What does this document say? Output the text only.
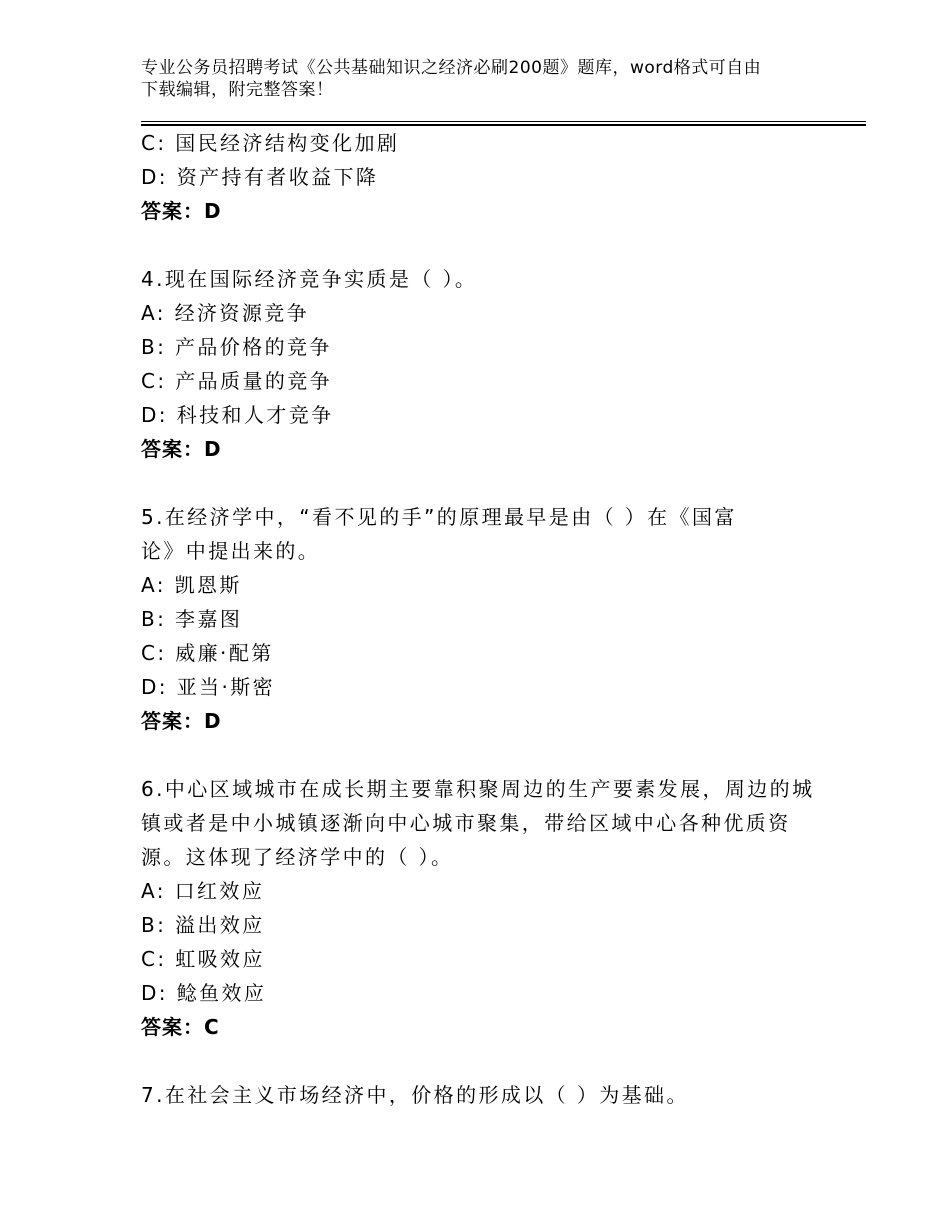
专业公务员招聘考试《公共基础知识之经济必刷200题》题库，word格式可自由
下载编辑，附完整答案！
C: 国民经济结构变化加剧
D: 资产持有者收益下降
答案：D
4.现在国际经济竞争实质是（ ）。
A: 经济资源竞争
B: 产品价格的竞争
C: 产品质量的竞争
D: 科技和人才竞争
答案：D
5.在经济学中，“看不见的手”的原理最早是由（ ）在《国富
论》中提出来的。
A: 凯恩斯
B: 李嘉图
C: 威廉·配第
D: 亚当·斯密
答案：D
6.中心区域城市在成长期主要靠积聚周边的生产要素发展，周边的城
镇或者是中小城镇逐渐向中心城市聚集，带给区域中心各种优质资
源。这体现了经济学中的（ ）。
A: 口红效应
B: 溢出效应
C: 虹吸效应
D: 鲶鱼效应
答案：C
7.在社会主义市场经济中，价格的形成以（ ）为基础。
